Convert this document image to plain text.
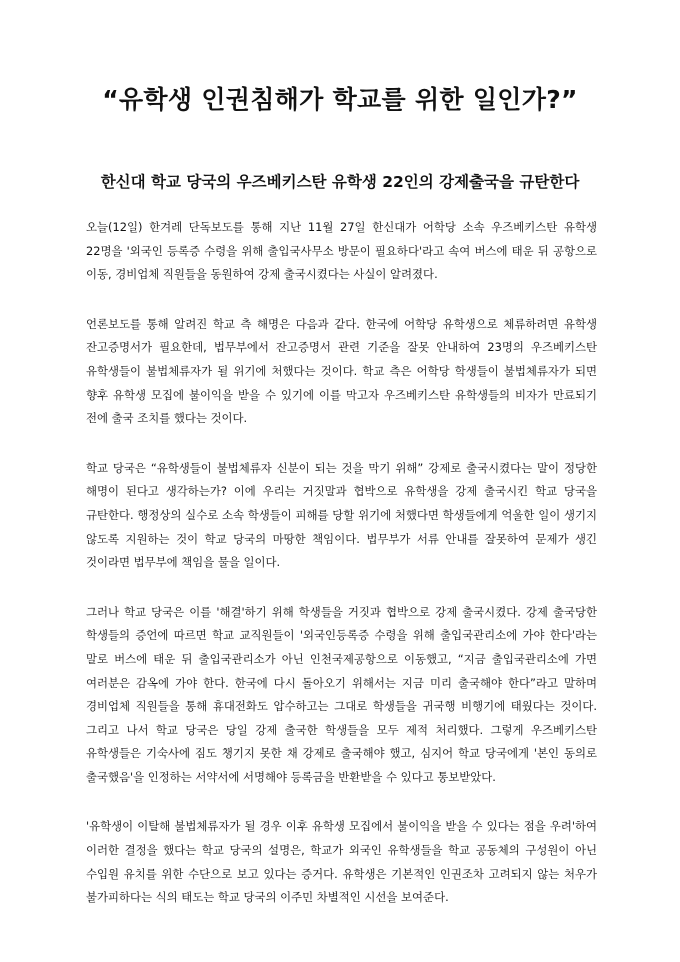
“유학생 인권침해가 학교를 위한 일인가?”
한신대 학교 당국의 우즈베키스탄 유학생 22인의 강제출국을 규탄한다

오늘(12일) 한겨레 단독보도를 통해 지난 11월 27일 한신대가 어학당 소속 우즈베키스탄 유학생 22명을 '외국인 등록증 수령을 위해 출입국사무소 방문이 필요하다'라고 속여 버스에 태운 뒤 공항으로 이동, 경비업체 직원들을 동원하여 강제 출국시켰다는 사실이 알려졌다.

언론보도를 통해 알려진 학교 측 해명은 다음과 같다. 한국에 어학당 유학생으로 체류하려면 유학생 잔고증명서가 필요한데, 법무부에서 잔고증명서 관련 기준을 잘못 안내하여 23명의 우즈베키스탄 유학생들이 불법체류자가 될 위기에 처했다는 것이다. 학교 측은 어학당 학생들이 불법체류자가 되면 향후 유학생 모집에 불이익을 받을 수 있기에 이를 막고자 우즈베키스탄 유학생들의 비자가 만료되기 전에 출국 조치를 했다는 것이다.

학교 당국은 “유학생들이 불법체류자 신분이 되는 것을 막기 위해” 강제로 출국시켰다는 말이 정당한 해명이 된다고 생각하는가? 이에 우리는 거짓말과 협박으로 유학생을 강제 출국시킨 학교 당국을 규탄한다. 행정상의 실수로 소속 학생들이 피해를 당할 위기에 처했다면 학생들에게 억울한 일이 생기지 않도록 지원하는 것이 학교 당국의 마땅한 책임이다. 법무부가 서류 안내를 잘못하여 문제가 생긴 것이라면 법무부에 책임을 물을 일이다.

그러나 학교 당국은 이를 '해결'하기 위해 학생들을 거짓과 협박으로 강제 출국시켰다. 강제 출국당한 학생들의 증언에 따르면 학교 교직원들이 '외국인등록증 수령을 위해 출입국관리소에 가야 한다'라는 말로 버스에 태운 뒤 출입국관리소가 아닌 인천국제공항으로 이동했고, “지금 출입국관리소에 가면 여러분은 감옥에 가야 한다. 한국에 다시 돌아오기 위해서는 지금 미리 출국해야 한다”라고 말하며 경비업체 직원들을 통해 휴대전화도 압수하고는 그대로 학생들을 귀국행 비행기에 태웠다는 것이다. 그리고 나서 학교 당국은 당일 강제 출국한 학생들을 모두 제적 처리했다. 그렇게 우즈베키스탄 유학생들은 기숙사에 짐도 챙기지 못한 채 강제로 출국해야 했고, 심지어 학교 당국에게 '본인 동의로 출국했음'을 인정하는 서약서에 서명해야 등록금을 반환받을 수 있다고 통보받았다.

'유학생이 이탈해 불법체류자가 될 경우 이후 유학생 모집에서 불이익을 받을 수 있다는 점을 우려'하여 이러한 결정을 했다는 학교 당국의 설명은, 학교가 외국인 유학생들을 학교 공동체의 구성원이 아닌 수입원 유치를 위한 수단으로 보고 있다는 증거다. 유학생은 기본적인 인권조차 고려되지 않는 처우가 불가피하다는 식의 태도는 학교 당국의 이주민 차별적인 시선을 보여준다.
